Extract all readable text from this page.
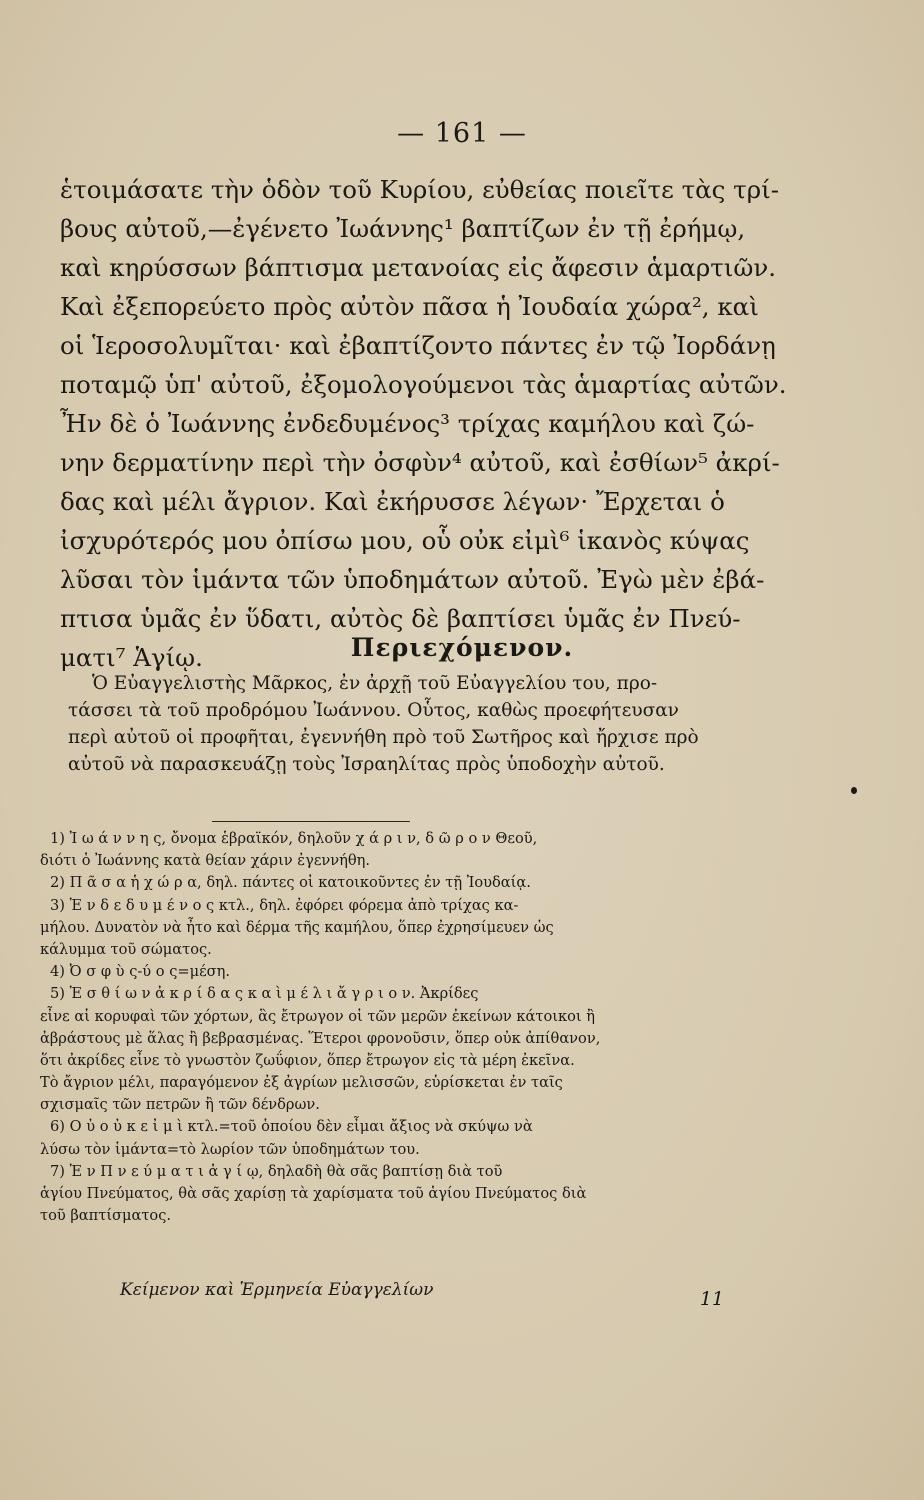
— 161 —
ἑτοιμάσατε τὴν ὁδὸν τοῦ Κυρίου, εὐθείας ποιεῖτε τὰς τρί-
βους αὐτοῦ,—ἐγένετο Ἰωάννης¹ βαπτίζων ἐν τῇ ἐρήμῳ,
καὶ κηρύσσων βάπτισμα μετανοίας εἰς ἄφεσιν ἁμαρτιῶν.
Καὶ ἐξεπορεύετο πρὸς αὐτὸν πᾶσα ἡ Ἰουδαία χώρα², καὶ
οἱ Ἱεροσολυμῖται· καὶ ἐβαπτίζοντο πάντες ἐν τῷ Ἰορδάνῃ
ποταμῷ ὑπ' αὐτοῦ, ἐξομολογούμενοι τὰς ἁμαρτίας αὐτῶν.
Ἦν δὲ ὁ Ἰωάννης ἐνδεδυμένος³ τρίχας καμήλου καὶ ζώ-
νην δερματίνην περὶ τὴν ὀσφὺν⁴ αὐτοῦ, καὶ ἐσθίων⁵ ἀκρί-
δας καὶ μέλι ἄγριον. Καὶ ἐκήρυσσε λέγων· Ἔρχεται ὁ
ἰσχυρότερός μου ὀπίσω μου, οὗ οὐκ εἰμὶ⁶ ἱκανὸς κύψας
λῦσαι τὸν ἱμάντα τῶν ὑποδημάτων αὐτοῦ. Ἐγὼ μὲν ἐβά-
πτισα ὑμᾶς ἐν ὕδατι, αὐτὸς δὲ βαπτίσει ὑμᾶς ἐν Πνεύ-
ματι⁷ Ἁγίῳ.	Περιεχόμενον.
Ὁ Εὐαγγελιστὴς Μᾶρκος, ἐν ἀρχῇ τοῦ Εὐαγγελίου του, προ-
τάσσει τὰ τοῦ προδρόμου Ἰωάννου. Οὗτος, καθὼς προεφήτευσαν
περὶ αὐτοῦ οἱ προφῆται, ἐγεννήθη πρὸ τοῦ Σωτῆρος καὶ ἤρχισε πρὸ
αὐτοῦ νὰ παρασκευάζῃ τοὺς Ἰσραηλίτας πρὸς ὑποδοχὴν αὐτοῦ.
1) Ἰ ω ά ν ν η ς, ὄνομα ἑβραϊκόν, δηλοῦν χ ά ρ ι ν, δ ῶ ρ ο ν Θεοῦ,
διότι ὁ Ἰωάννης κατὰ θείαν χάριν ἐγεννήθη.
2) Π ᾶ σ α ἡ χ ώ ρ α, δηλ. πάντες οἱ κατοικοῦντες ἐν τῇ Ἰουδαίᾳ.
3) Ἐ ν δ ε δ υ μ έ ν ο ς κτλ., δηλ. ἐφόρει φόρεμα ἀπὸ τρίχας κα-
μήλου. Δυνατὸν νὰ ἦτο καὶ δέρμα τῆς καμήλου, ὅπερ ἐχρησίμευεν ὡς
κάλυμμα τοῦ σώματος.
4) Ὀ σ φ ὺ ς-ύ ο ς=μέση.
5) Ἐ σ θ ί ω ν ἀ κ ρ ί δ α ς κ α ὶ μ έ λ ι ἄ γ ρ ι ο ν. Ἀκρίδες
εἶνε αἱ κορυφαὶ τῶν χόρτων, ἃς ἔτρωγον οἱ τῶν μερῶν ἐκείνων κάτοικοι ἢ
ἀβράστους μὲ ἅλας ἢ βεβρασμένας. Ἕτεροι φρονοῦσιν, ὅπερ οὐκ ἀπίθανον,
ὅτι ἀκρίδες εἶνε τὸ γνωστὸν ζωΰφιον, ὅπερ ἔτρωγον εἰς τὰ μέρη ἐκεῖνα.
Τὸ ἄγριον μέλι, παραγόμενον ἐξ ἀγρίων μελισσῶν, εὑρίσκεται ἐν ταῖς
σχισμαῖς τῶν πετρῶν ἢ τῶν δένδρων.
6) Ο ὐ ο ὐ κ ε ἰ μ ὶ κτλ.=τοῦ ὁποίου δὲν εἶμαι ἄξιος νὰ σκύψω νὰ
λύσω τὸν ἱμάντα=τὸ λωρίον τῶν ὑποδημάτων του.
7) Ἐ ν Π ν ε ύ μ α τ ι ἁ γ ί ῳ, δηλαδὴ θὰ σᾶς βαπτίσῃ διὰ τοῦ
ἁγίου Πνεύματος, θὰ σᾶς χαρίσῃ τὰ χαρίσματα τοῦ ἁγίου Πνεύματος διὰ
τοῦ βαπτίσματος.
Κείμενον καὶ Ἑρμηνεία Εὐαγγελίων	11
